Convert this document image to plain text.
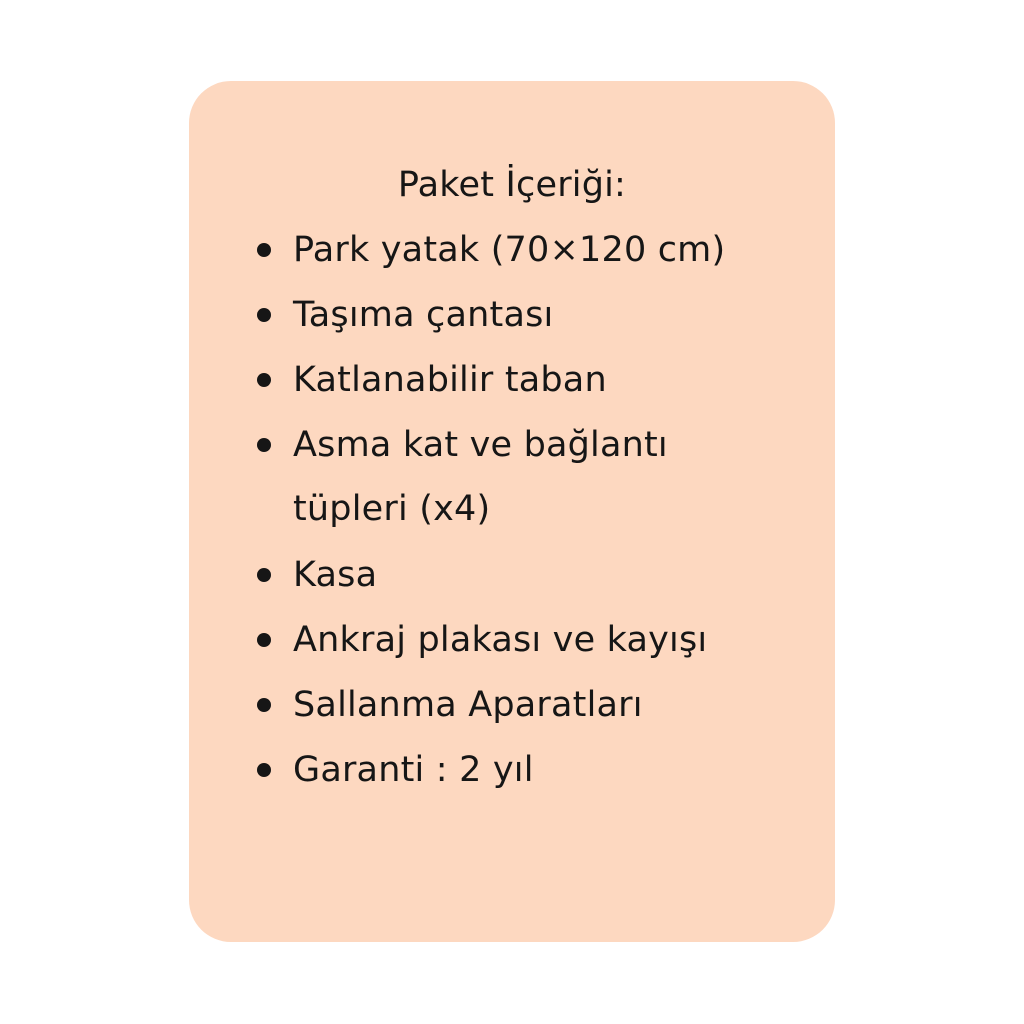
Paket İçeriği:
Park yatak (70×120 cm)
Taşıma çantası
Katlanabilir taban
Asma kat ve bağlantı tüpleri (x4)
Kasa
Ankraj plakası ve kayışı
Sallanma Aparatları
Garanti : 2 yıl
